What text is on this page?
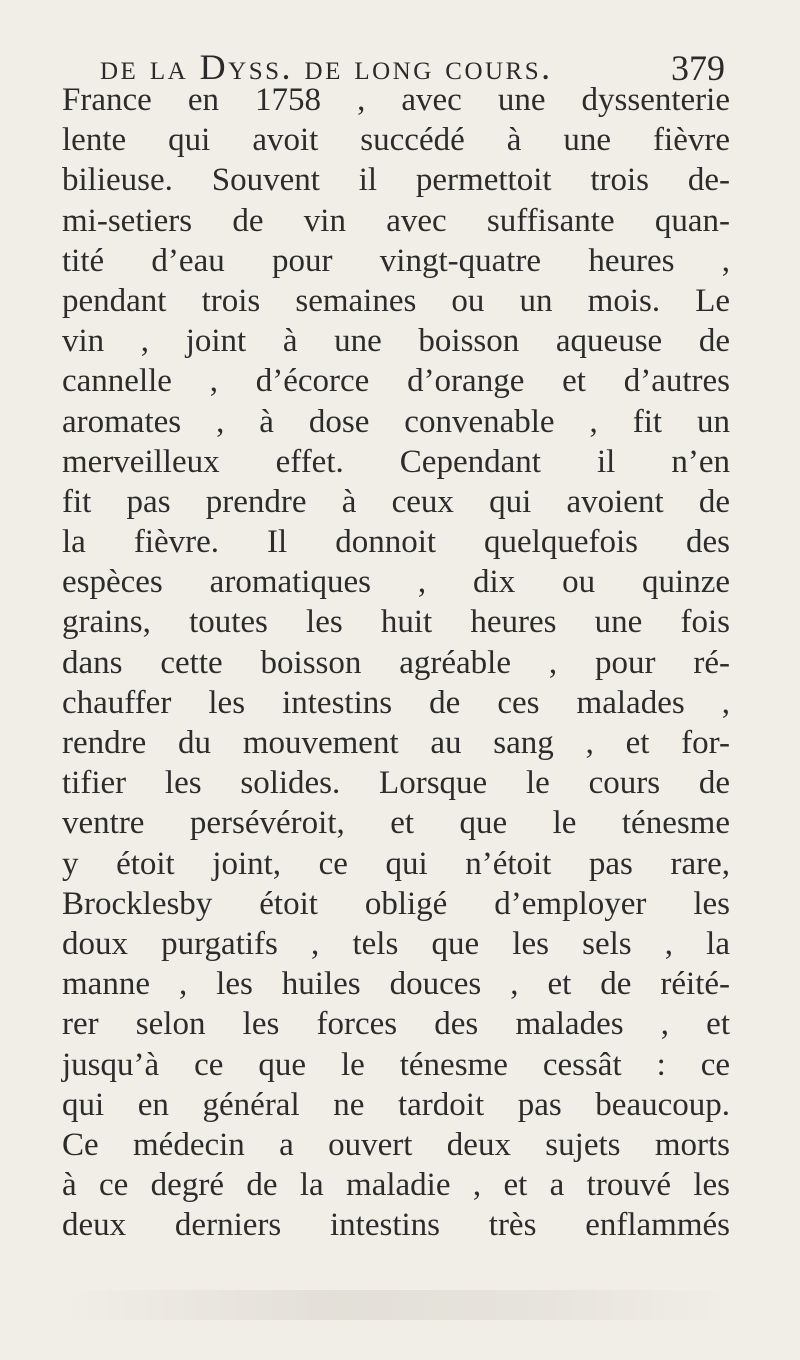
de la Dyss. de long cours.	379
France en 1758 , avec une dyssenterie
lente qui avoit succédé à une fièvre
bilieuse. Souvent il permettoit trois de-
mi-setiers de vin avec suffisante quan-
tité d’eau pour vingt-quatre heures ,
pendant trois semaines ou un mois. Le
vin , joint à une boisson aqueuse de
cannelle , d’écorce d’orange et d’autres
aromates , à dose convenable , fit un
merveilleux effet. Cependant il n’en
fit pas prendre à ceux qui avoient de
la fièvre. Il donnoit quelquefois des
espèces aromatiques , dix ou quinze
grains, toutes les huit heures une fois
dans cette boisson agréable , pour ré-
chauffer les intestins de ces malades ,
rendre du mouvement au sang , et for-
tifier les solides. Lorsque le cours de
ventre persévéroit, et que le ténesme
y étoit joint, ce qui n’étoit pas rare,
Brocklesby étoit obligé d’employer les
doux purgatifs , tels que les sels , la
manne , les huiles douces , et de réité-
rer selon les forces des malades , et
jusqu’à ce que le ténesme cessât : ce
qui en général ne tardoit pas beaucoup.
Ce médecin a ouvert deux sujets morts
à ce degré de la maladie , et a trouvé les
deux derniers intestins très enflammés
